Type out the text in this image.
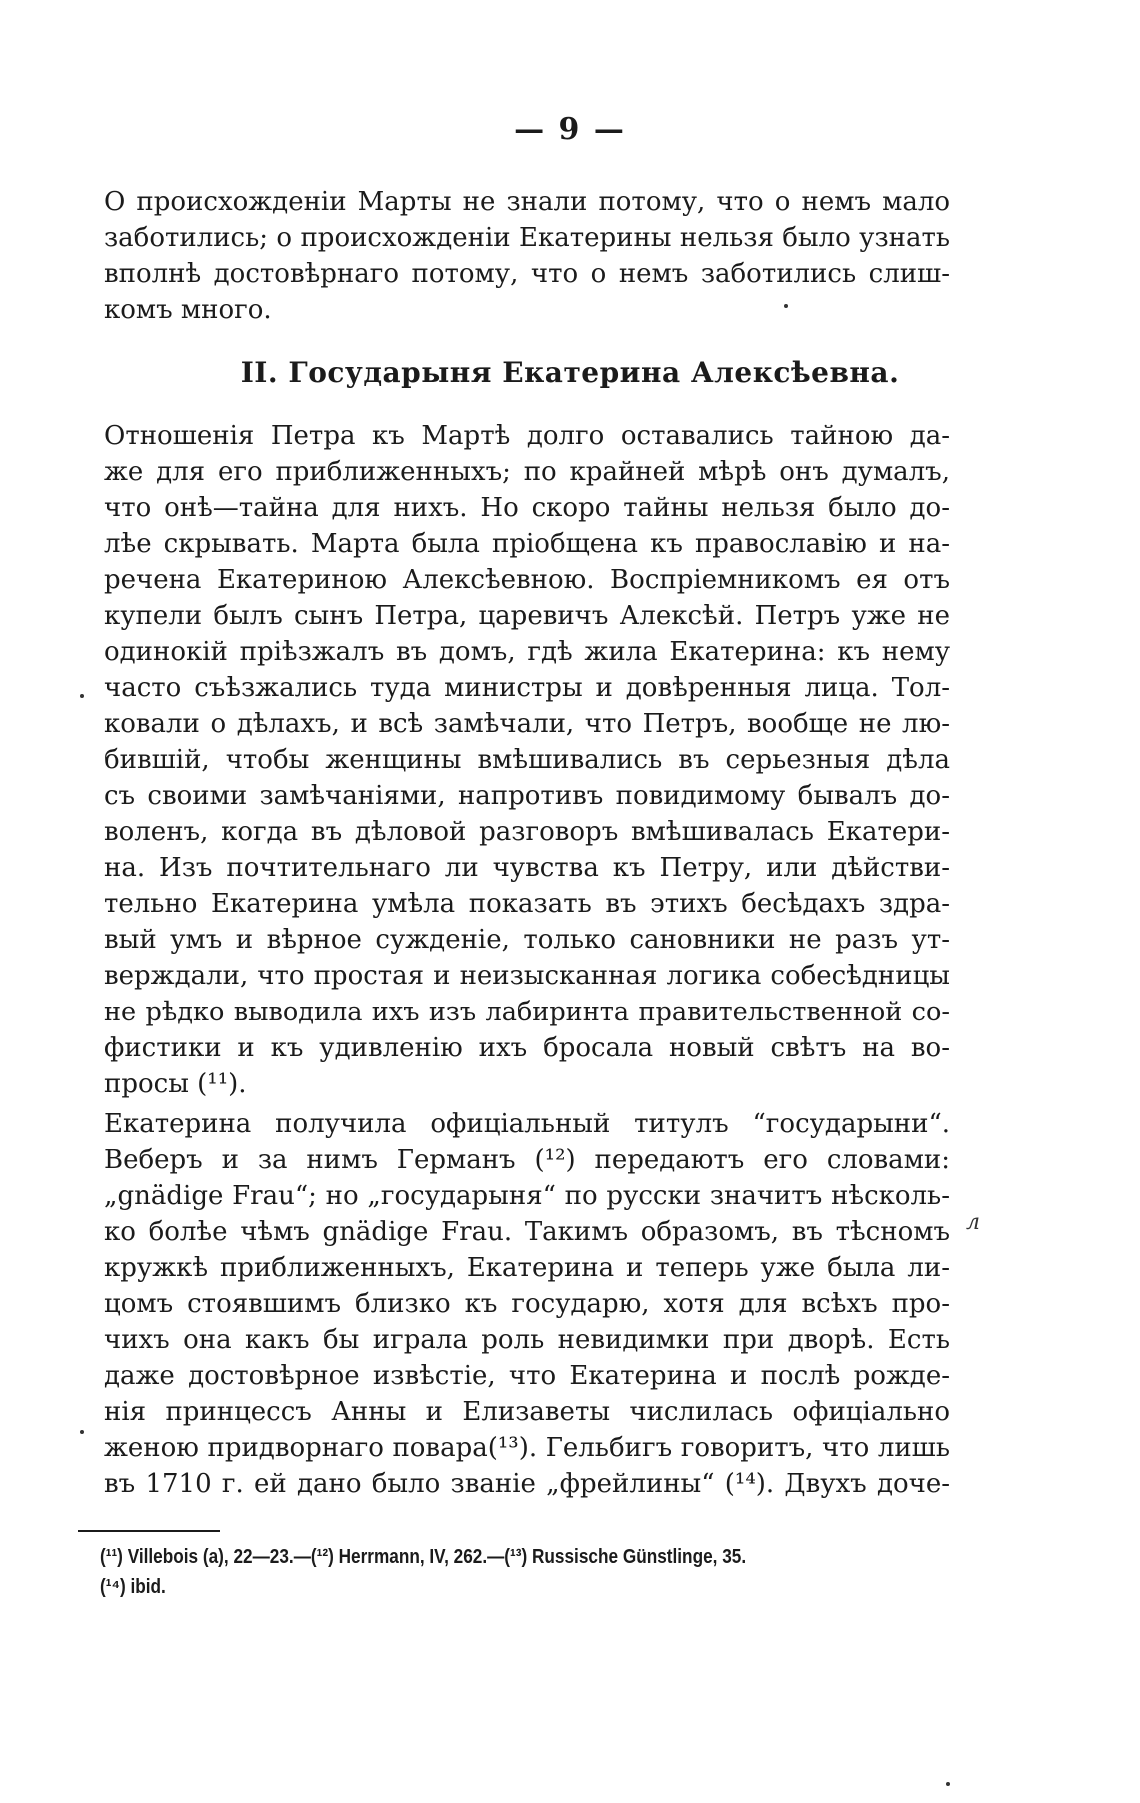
— 9 —
О происхожденіи Марты не знали потому, что о немъ мало
заботились; о происхожденіи Екатерины нельзя было узнать
вполнѣ достовѣрнаго потому, что о немъ заботились слиш-
комъ много.
II. Государыня Екатерина Алексѣевна.
Отношенія Петра къ Мартѣ долго оставались тайною да-
же для его приближенныхъ; по крайней мѣрѣ онъ думалъ,
что онѣ—тайна для нихъ. Но скоро тайны нельзя было до-
лѣе скрывать. Марта была пріобщена къ православію и на-
речена Екатериною Алексѣевною. Воспріемникомъ ея отъ
купели былъ сынъ Петра, царевичъ Алексѣй. Петръ уже не
одинокій пріѣзжалъ въ домъ, гдѣ жила Екатерина: къ нему
часто съѣзжались туда министры и довѣренныя лица. Тол-
ковали о дѣлахъ, и всѣ замѣчали, что Петръ, вообще не лю-
бившій, чтобы женщины вмѣшивались въ серьезныя дѣла
съ своими замѣчаніями, напротивъ повидимому бывалъ до-
воленъ, когда въ дѣловой разговоръ вмѣшивалась Екатери-
на. Изъ почтительнаго ли чувства къ Петру, или дѣйстви-
тельно Екатерина умѣла показать въ этихъ бесѣдахъ здра-
вый умъ и вѣрное сужденіе, только сановники не разъ ут-
верждали, что простая и неизысканная логика собесѣдницы
не рѣдко выводила ихъ изъ лабиринта правительственной со-
фистики и къ удивленію ихъ бросала новый свѣтъ на во-
просы (¹¹).
Екатерина получила офиціальный титулъ “государыни“.
Веберъ и за нимъ Германъ (¹²) передаютъ его словами:
„gnädige Frau“; но „государыня“ по русски значитъ нѣсколь-
ко болѣе чѣмъ gnädige Frau. Такимъ образомъ, въ тѣсномъ
кружкѣ приближенныхъ, Екатерина и теперь уже была ли-
цомъ стоявшимъ близко къ государю, хотя для всѣхъ про-
чихъ она какъ бы играла роль невидимки при дворѣ. Есть
даже достовѣрное извѣстіе, что Екатерина и послѣ рожде-
нія принцессъ Анны и Елизаветы числилась офиціально
женою придворнаго повара(¹³). Гельбигъ говоритъ, что лишь
въ 1710 г. ей дано было званіе „фрейлины“ (¹⁴). Двухъ доче-
(¹¹) Villebois (a), 22—23.—(¹²) Herrmann, IV, 262.—(¹³) Russische Günstlinge, 35.
(¹⁴) ibid.
л
